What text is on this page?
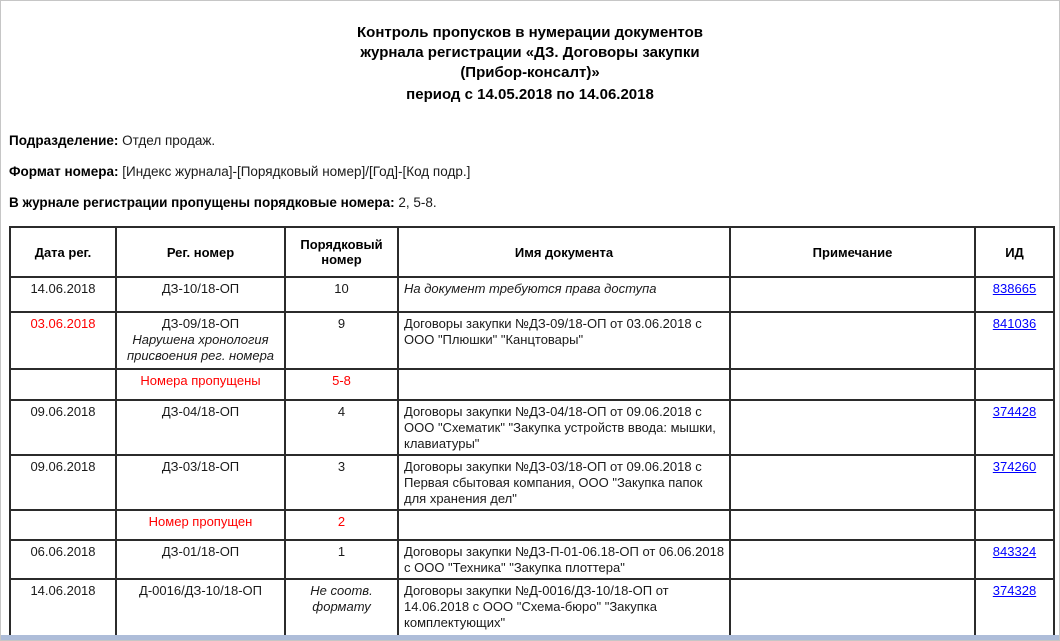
Контроль пропусков в нумерации документов
журнала регистрации «ДЗ. Договоры закупки
(Прибор-консалт)»
период с 14.05.2018 по 14.06.2018
Подразделение: Отдел продаж.
Формат номера: [Индекс журнала]-[Порядковый номер]/[Год]-[Код подр.]
В журнале регистрации пропущены порядковые номера: 2, 5-8.
Дата рег.	Рег. номер	Порядковый номер	Имя документа	Примечание	ИД
14.06.2018	ДЗ-10/18-ОП	10	На документ требуются права доступа		838665
03.06.2018	ДЗ-09/18-ОП
Нарушена хронология присвоения рег. номера	9	Договоры закупки №ДЗ-09/18-ОП от 03.06.2018 с ООО "Плюшки" "Канцтовары"		841036
	Номера пропущены	5-8			
09.06.2018	ДЗ-04/18-ОП	4	Договоры закупки №ДЗ-04/18-ОП от 09.06.2018 с ООО "Схематик" "Закупка устройств ввода: мышки, клавиатуры"		374428
09.06.2018	ДЗ-03/18-ОП	3	Договоры закупки №ДЗ-03/18-ОП от 09.06.2018 с Первая сбытовая компания, ООО "Закупка папок для хранения дел"		374260
	Номер пропущен	2			
06.06.2018	ДЗ-01/18-ОП	1	Договоры закупки №ДЗ-П-01-06.18-ОП от 06.06.2018 с ООО "Техника" "Закупка плоттера"		843324
14.06.2018	Д-0016/ДЗ-10/18-ОП	Не соотв. формату	Договоры закупки №Д-0016/ДЗ-10/18-ОП от 14.06.2018 с ООО "Схема-бюро" "Закупка комплектующих"		374328
